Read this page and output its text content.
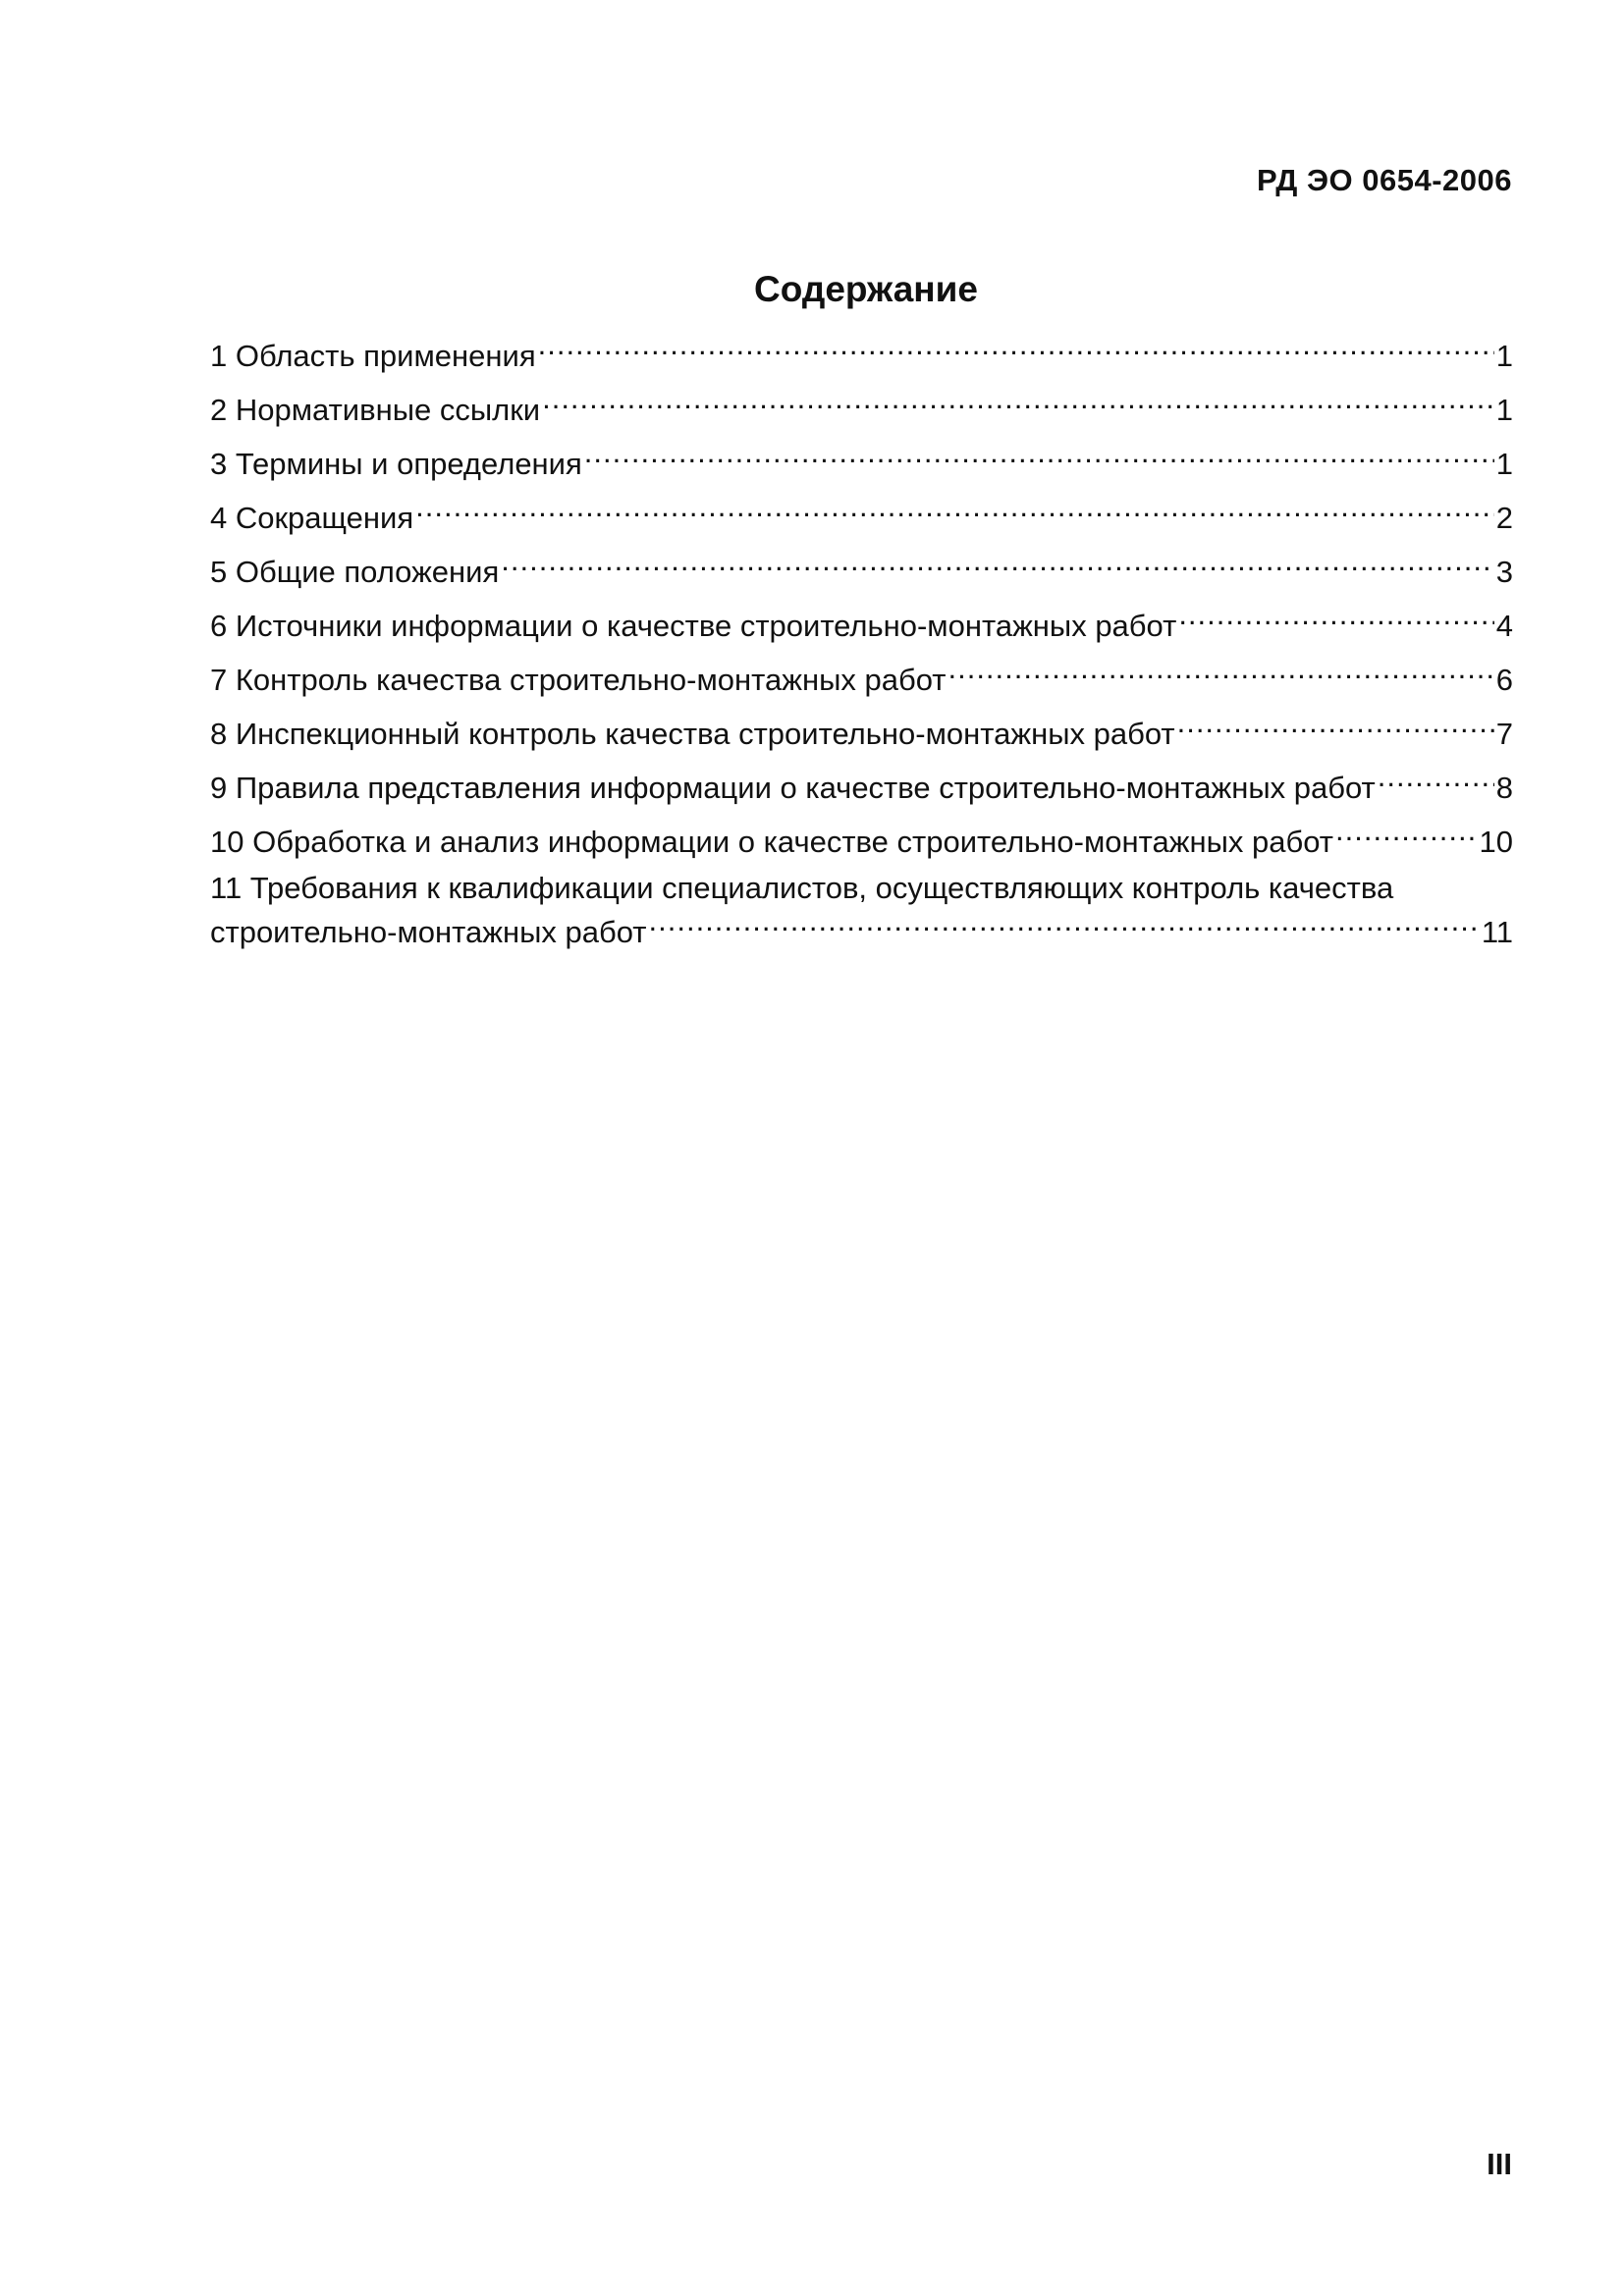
РД ЭО 0654-2006
Содержание
1 Область применения .....	1
2 Нормативные ссылки .....	1
3 Термины и определения .....	1
4 Сокращения .....	2
5 Общие положения .....	3
6 Источники информации о качестве строительно-монтажных работ .....	4
7 Контроль качества строительно-монтажных работ .....	6
8 Инспекционный контроль качества строительно-монтажных работ .....	7
9 Правила представления информации о качестве строительно-монтажных работ .....	8
10 Обработка и анализ информации о качестве строительно-монтажных работ .....	10
11 Требования к квалификации специалистов, осуществляющих контроль качества
строительно-монтажных работ .....	11
III
